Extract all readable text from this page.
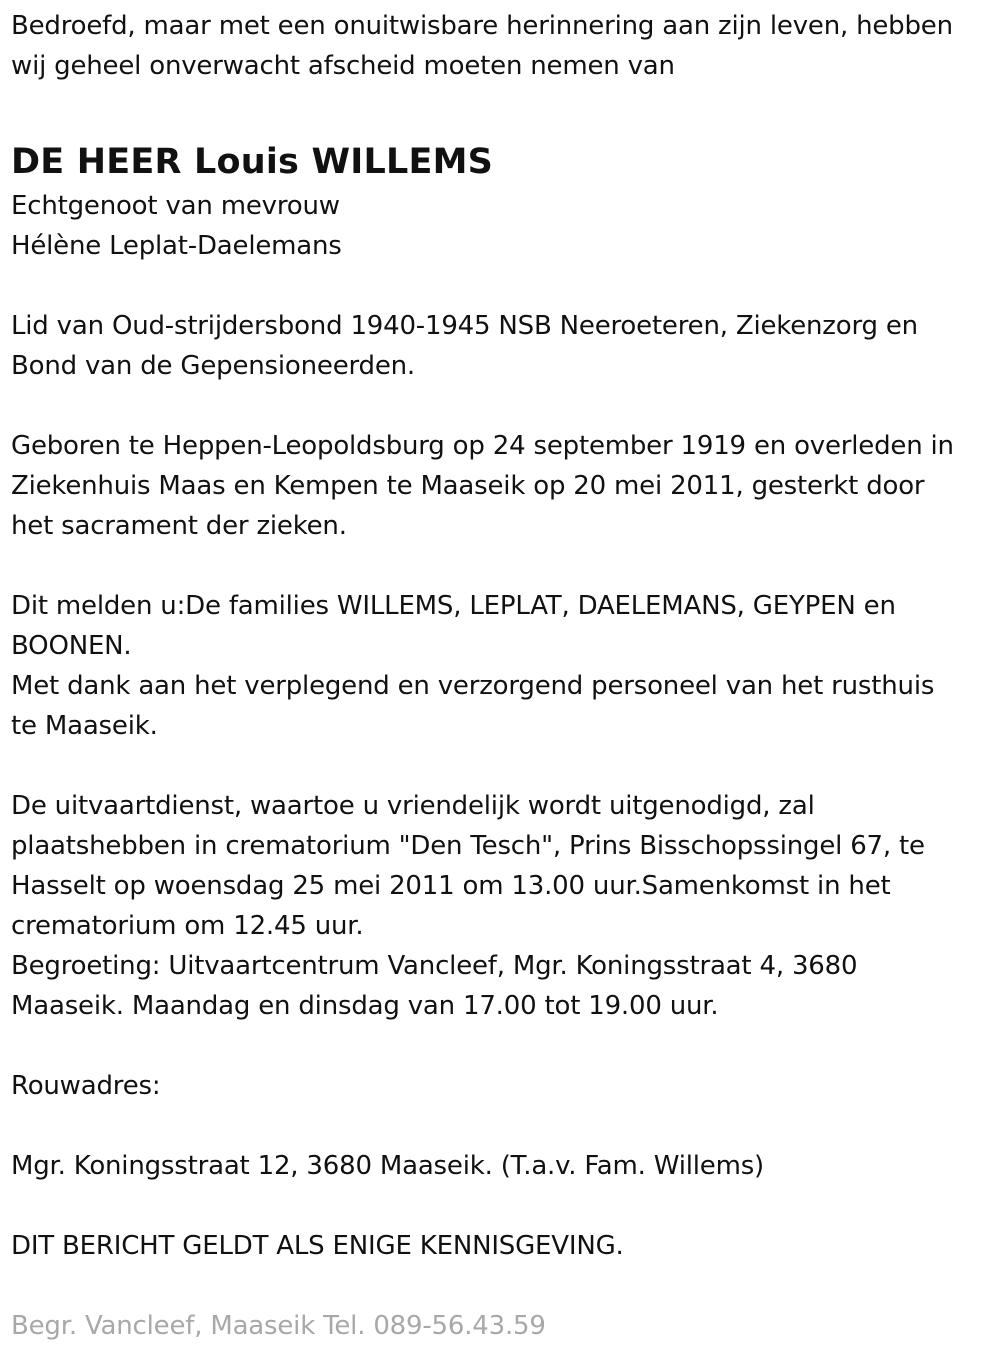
Bedroefd, maar met een onuitwisbare herinnering aan zijn leven, hebben
wij geheel onverwacht afscheid moeten nemen van
DE HEER Louis WILLEMS
Echtgenoot van mevrouw
Hélène Leplat-Daelemans
Lid van Oud-strijdersbond 1940-1945 NSB Neeroeteren, Ziekenzorg en
Bond van de Gepensioneerden.
Geboren te Heppen-Leopoldsburg op 24 september 1919 en overleden in
Ziekenhuis Maas en Kempen te Maaseik op 20 mei 2011, gesterkt door
het sacrament der zieken.
Dit melden u:De families WILLEMS, LEPLAT, DAELEMANS, GEYPEN en
BOONEN.
Met dank aan het verplegend en verzorgend personeel van het rusthuis
te Maaseik.
De uitvaartdienst, waartoe u vriendelijk wordt uitgenodigd, zal
plaatshebben in crematorium "Den Tesch", Prins Bisschopssingel 67, te
Hasselt op woensdag 25 mei 2011 om 13.00 uur.Samenkomst in het
crematorium om 12.45 uur.
Begroeting: Uitvaartcentrum Vancleef, Mgr. Koningsstraat 4, 3680
Maaseik. Maandag en dinsdag van 17.00 tot 19.00 uur.
Rouwadres:
Mgr. Koningsstraat 12, 3680 Maaseik. (T.a.v. Fam. Willems)
DIT BERICHT GELDT ALS ENIGE KENNISGEVING.
Begr. Vancleef, Maaseik Tel. 089-56.43.59
